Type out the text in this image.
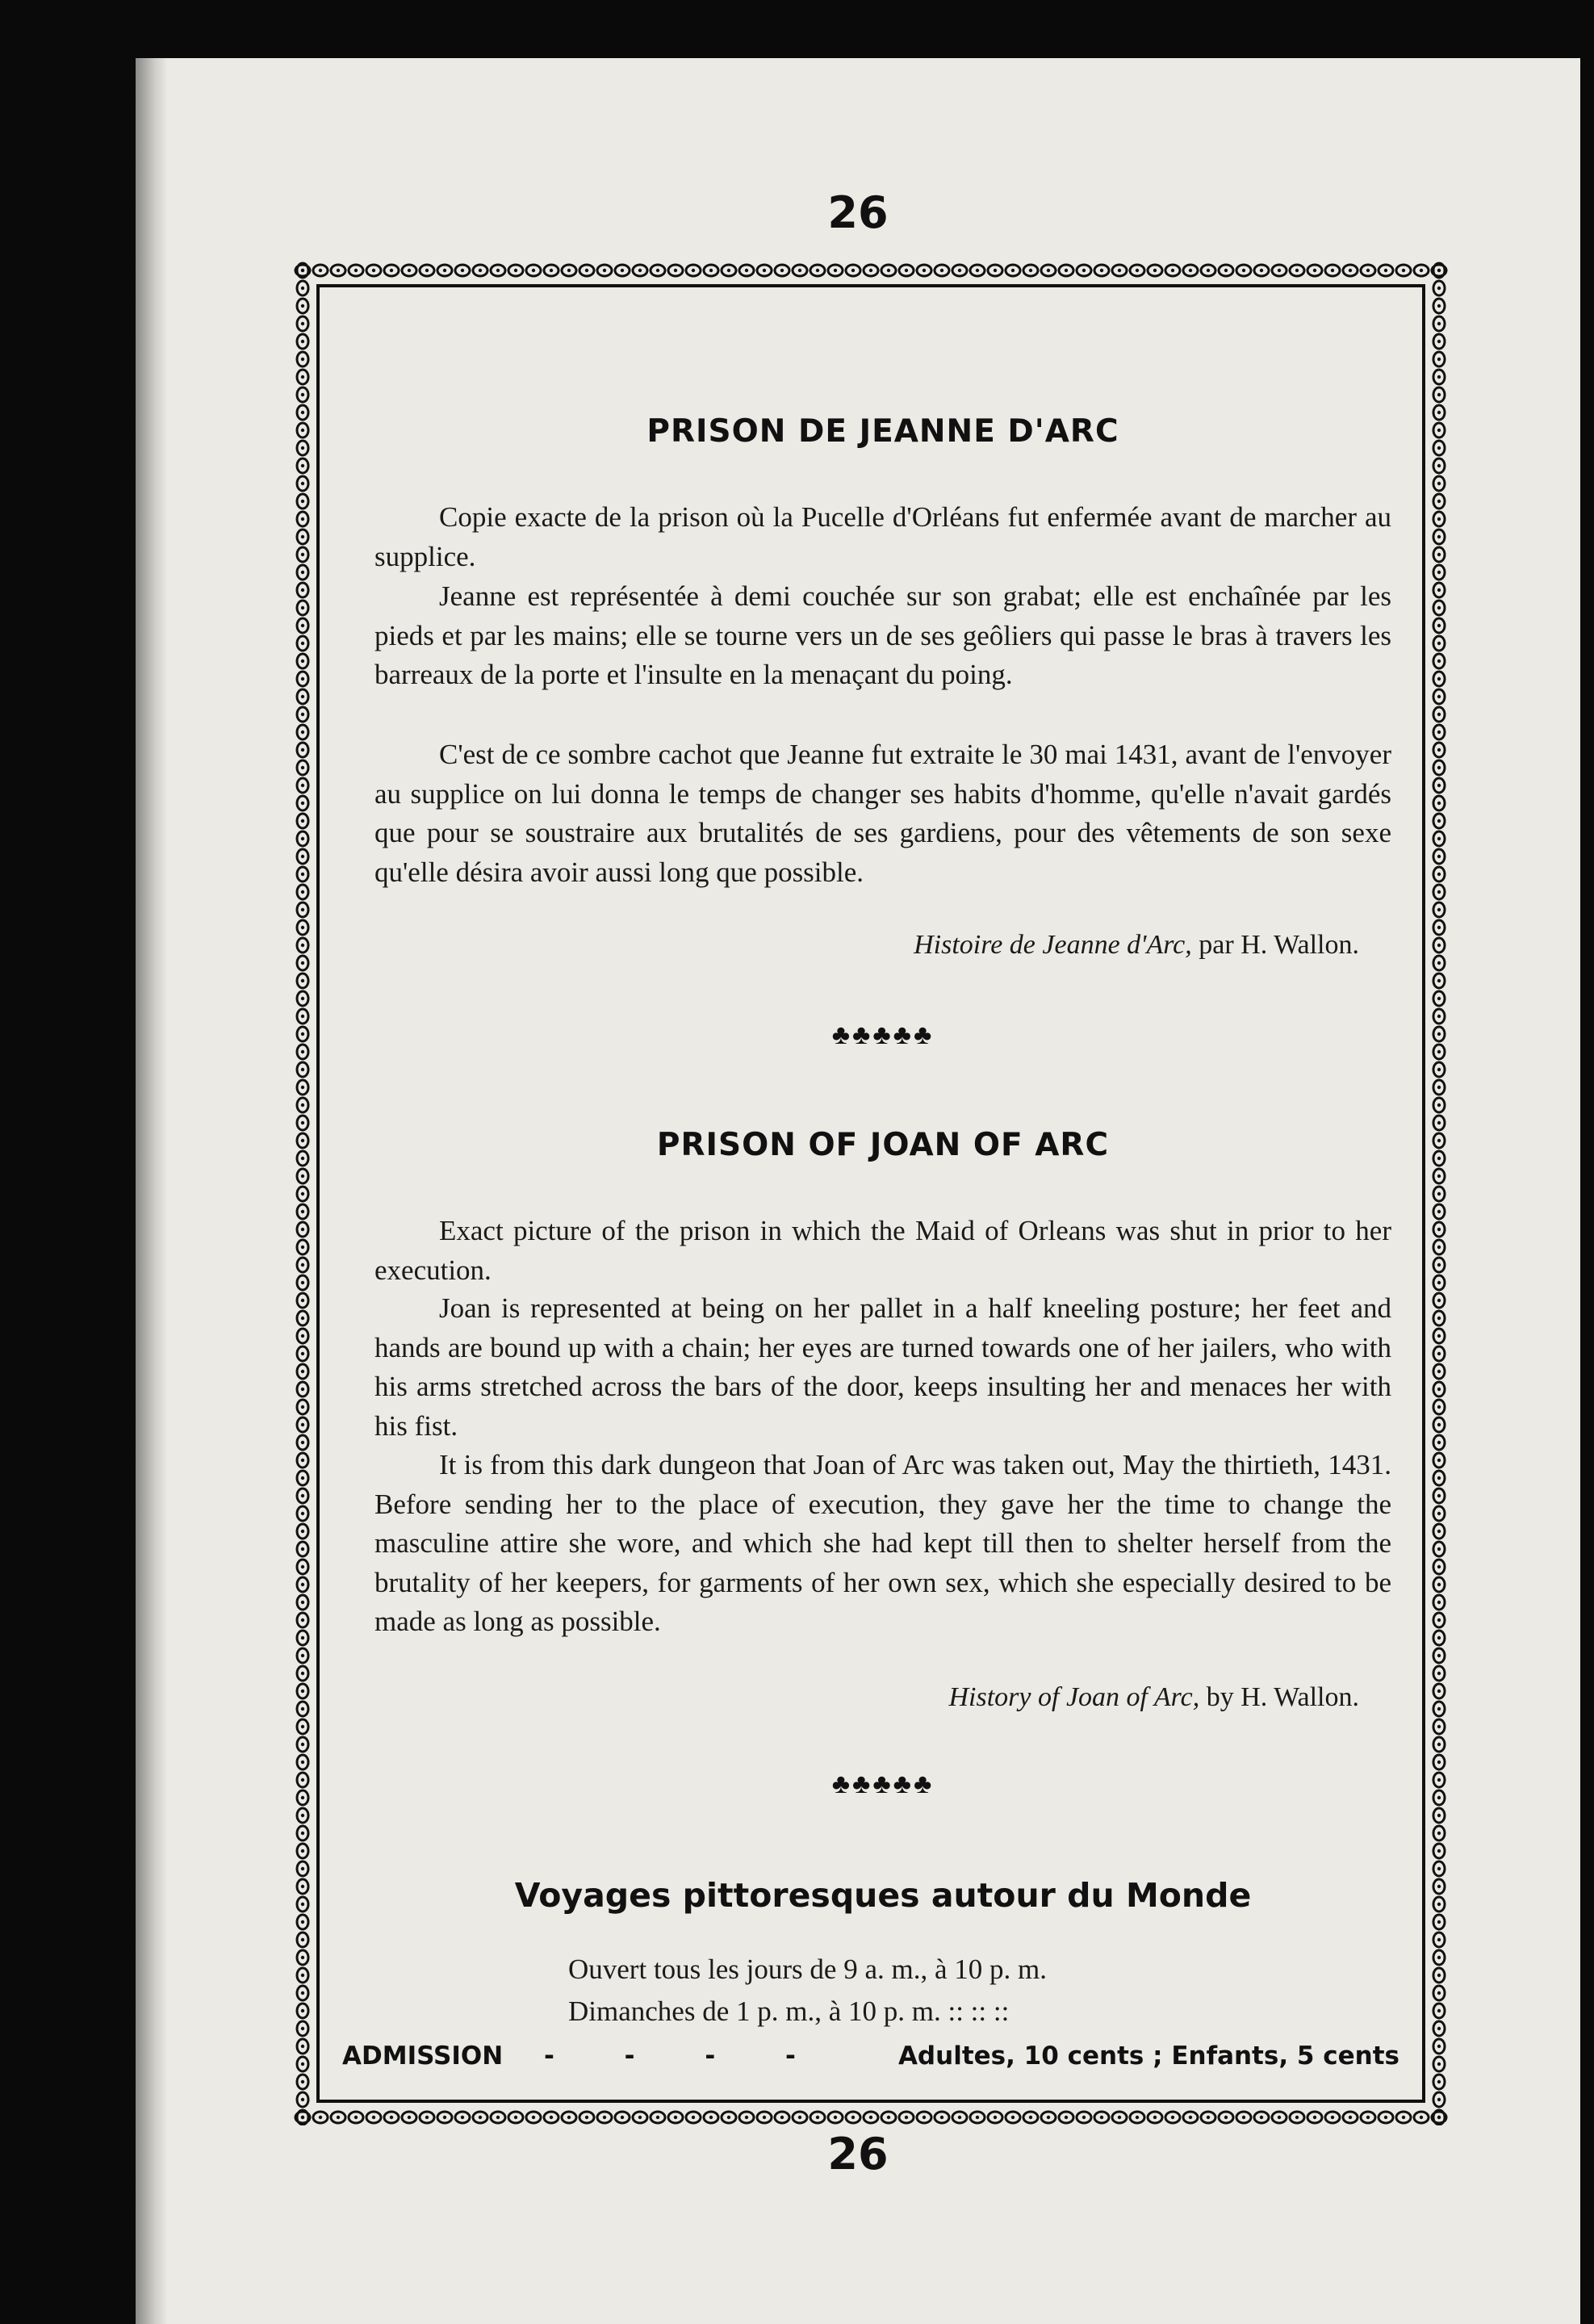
26
PRISON DE JEANNE D'ARC

Copie exacte de la prison où la Pucelle d'Orléans fut enfermée avant de marcher au supplice.

Jeanne est représentée à demi couchée sur son grabat; elle est enchaînée par les pieds et par les mains; elle se tourne vers un de ses geôliers qui passe le bras à travers les barreaux de la porte et l'insulte en la menaçant du poing.

C'est de ce sombre cachot que Jeanne fut extraite le 30 mai 1431, avant de l'envoyer au supplice on lui donna le temps de changer ses habits d'homme, qu'elle n'avait gardés que pour se soustraire aux brutalités de ses gardiens, pour des vêtements de son sexe qu'elle désira avoir aussi long que possible.

Histoire de Jeanne d'Arc, par H. Wallon.
♣♣♣♣♣
PRISON OF JOAN OF ARC

Exact picture of the prison in which the Maid of Orleans was shut in prior to her execution.

Joan is represented at being on her pallet in a half kneeling posture; her feet and hands are bound up with a chain; her eyes are turned towards one of her jailers, who with his arms stretched across the bars of the door, keeps insulting her and menaces her with his fist.

It is from this dark dungeon that Joan of Arc was taken out, May the thirtieth, 1431. Before sending her to the place of execution, they gave her the time to change the masculine attire she wore, and which she had kept till then to shelter herself from the brutality of her keepers, for garments of her own sex, which she especially desired to be made as long as possible.

History of Joan of Arc, by H. Wallon.
♣♣♣♣♣
Voyages pittoresques autour du Monde
Ouvert tous les jours de 9 a. m., à 10 p. m.
Dimanches de 1 p. m., à 10 p. m. :: :: ::
ADMISSION - - - -	Adultes, 10 cents ; Enfants, 5 cents
26
